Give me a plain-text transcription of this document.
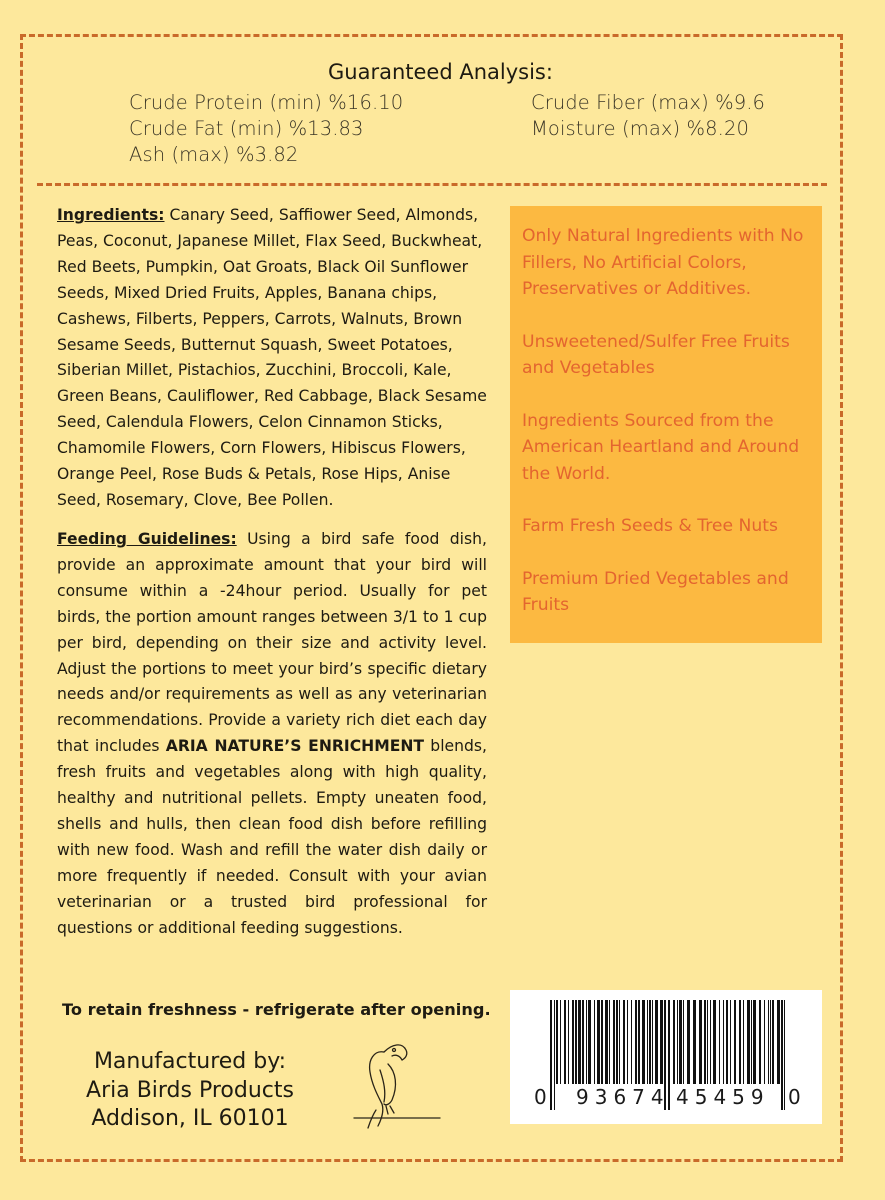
Guaranteed Analysis:
Crude Protein (min) %16.10
Crude Fat (min) %13.83
Ash (max) %3.82
Crude Fiber (max) %9.6
Moisture (max) %8.20
Ingredients: Canary Seed, Saffiower Seed, Almonds, Peas, Coconut, Japanese Millet, Flax Seed, Buckwheat, Red Beets, Pumpkin, Oat Groats, Black Oil Sunflower Seeds, Mixed Dried Fruits, Apples, Banana chips, Cashews, Filberts, Peppers, Carrots, Walnuts, Brown Sesame Seeds, Butternut Squash, Sweet Potatoes, Siberian Millet, Pistachios, Zucchini, Broccoli, Kale, Green Beans, Cauliflower, Red Cabbage, Black Sesame Seed, Calendula Flowers, Celon Cinnamon Sticks, Chamomile Flowers, Corn Flowers, Hibiscus Flowers, Orange Peel, Rose Buds & Petals, Rose Hips, Anise Seed, Rosemary, Clove, Bee Pollen.
Feeding Guidelines: Using a bird safe food dish, provide an approximate amount that your bird will consume within a -24hour period. Usually for pet birds, the portion amount ranges between 3/1 to 1 cup per bird, depending on their size and activity level. Adjust the portions to meet your bird’s specific dietary needs and/or requirements as well as any veterinarian recommendations. Provide a variety rich diet each day that includes ARIA NATURE’S ENRICHMENT blends, fresh fruits and vegetables along with high quality, healthy and nutritional pellets. Empty uneaten food, shells and hulls, then clean food dish before refilling with new food. Wash and refill the water dish daily or more frequently if needed. Consult with your avian veterinarian or a trusted bird professional for questions or additional feeding suggestions.

Only Natural Ingredients with No Fillers, No Artificial Colors, Preservatives or Additives.

Unsweetened/Sulfer Free Fruits and Vegetables

Ingredients Sourced from the American Heartland and Around the World.

Farm Fresh Seeds & Tree Nuts

Premium Dried Vegetables and Fruits

To retain freshness - refrigerate after opening.
Manufactured by:
Aria Birds Products
Addison, IL 60101
0 93674 45459 0
